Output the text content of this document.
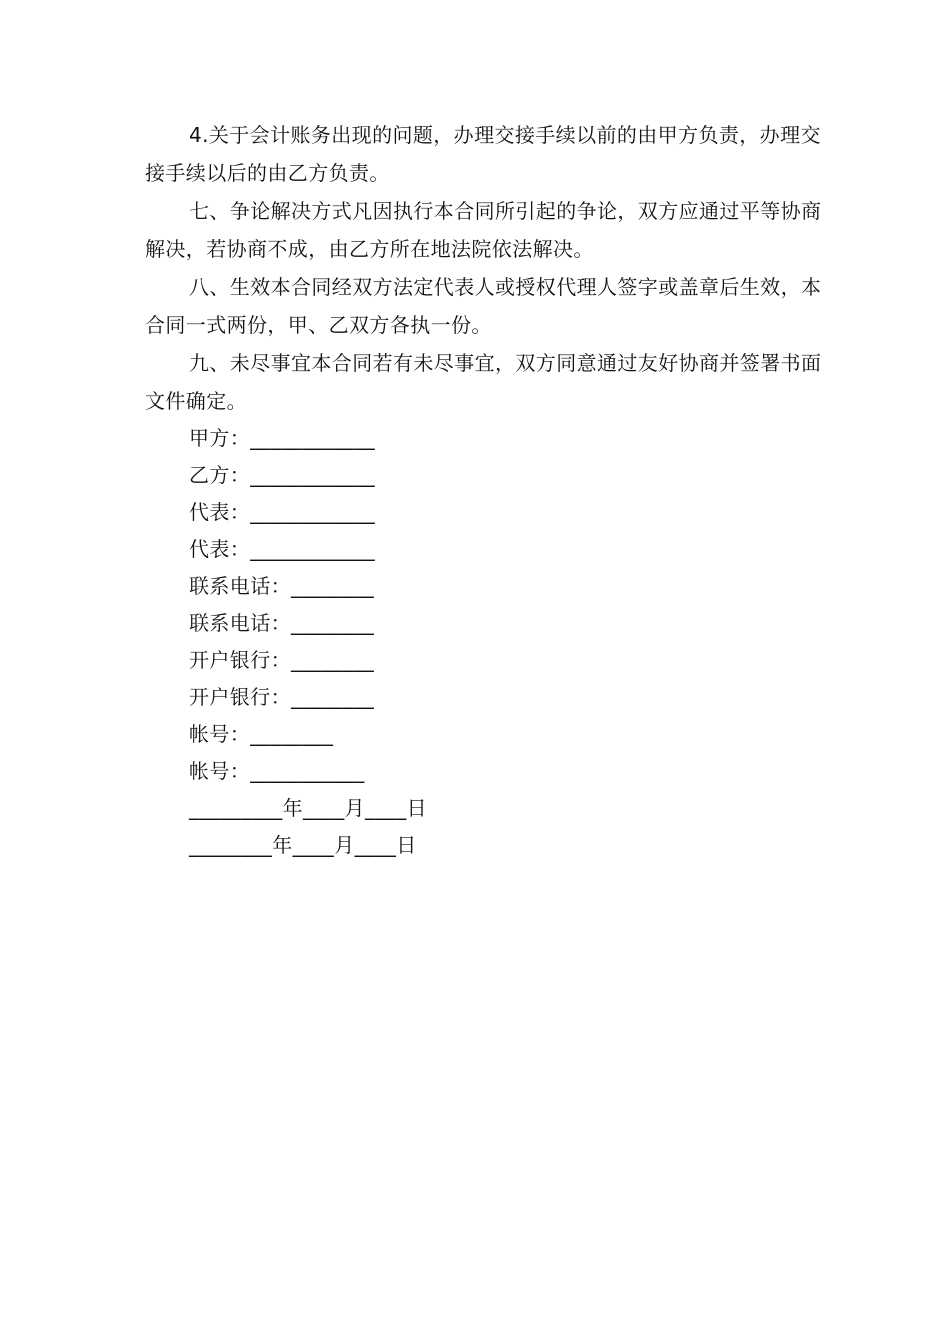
4.关于会计账务出现的问题，办理交接手续以前的由甲方负责，办理交接手续以后的由乙方负责。

七、争论解决方式凡因执行本合同所引起的争论，双方应通过平等协商解决，若协商不成，由乙方所在地法院依法解决。

八、生效本合同经双方法定代表人或授权代理人签字或盖章后生效，本合同一式两份，甲、乙双方各执一份。

九、未尽事宜本合同若有未尽事宜，双方同意通过友好协商并签署书面文件确定。

甲方：____________

乙方：____________

代表：____________

代表：____________

联系电话：________

联系电话：________

开户银行：________

开户银行：________

帐号：________

帐号：___________

_________年____月____日

________年____月____日
